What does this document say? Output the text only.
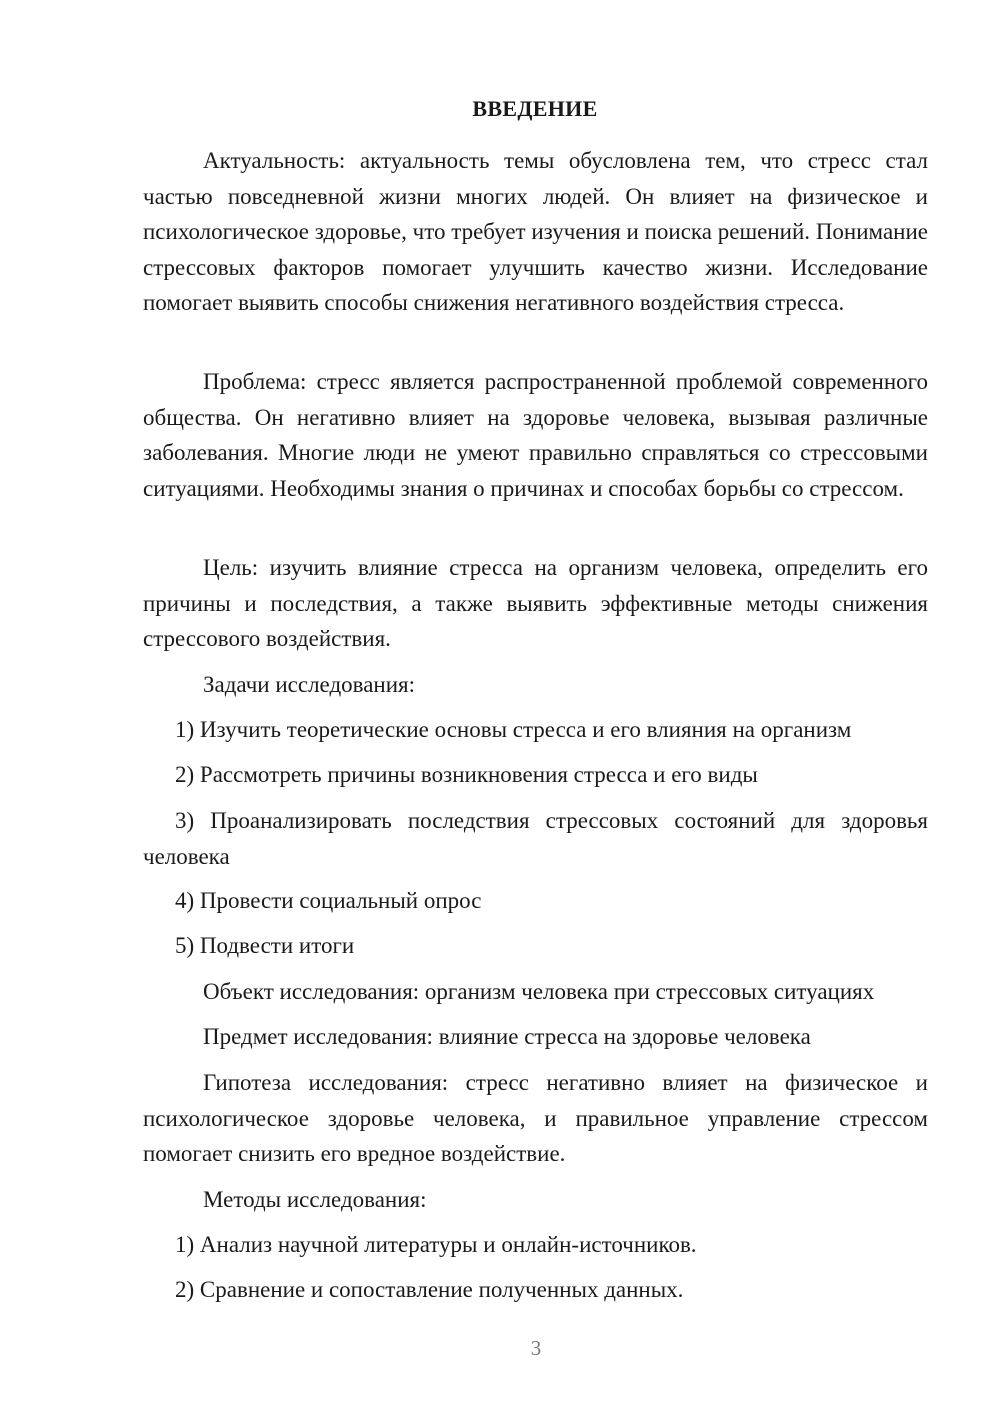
ВВЕДЕНИЕ
Актуальность: актуальность темы обусловлена тем, что стресс стал частью повседневной жизни многих людей. Он влияет на физическое и психологическое здоровье, что требует изучения и поиска решений. Понимание стрессовых факторов помогает улучшить качество жизни. Исследование помогает выявить способы снижения негативного воздействия стресса.
Проблема: стресс является распространенной проблемой современного общества. Он негативно влияет на здоровье человека, вызывая различные заболевания. Многие люди не умеют правильно справляться со стрессовыми ситуациями. Необходимы знания о причинах и способах борьбы со стрессом.
Цель: изучить влияние стресса на организм человека, определить его причины и последствия, а также выявить эффективные методы снижения стрессового воздействия.
Задачи исследования:
1) Изучить теоретические основы стресса и его влияния на организм
2) Рассмотреть причины возникновения стресса и его виды
3) Проанализировать последствия стрессовых состояний для здоровья человека
4) Провести социальный опрос
5) Подвести итоги
Объект исследования: организм человека при стрессовых ситуациях
Предмет исследования: влияние стресса на здоровье человека
Гипотеза исследования: стресс негативно влияет на физическое и психологическое здоровье человека, и правильное управление стрессом помогает снизить его вредное воздействие.
Методы исследования:
1) Анализ научной литературы и онлайн-источников.
2) Сравнение и сопоставление полученных данных.
3
